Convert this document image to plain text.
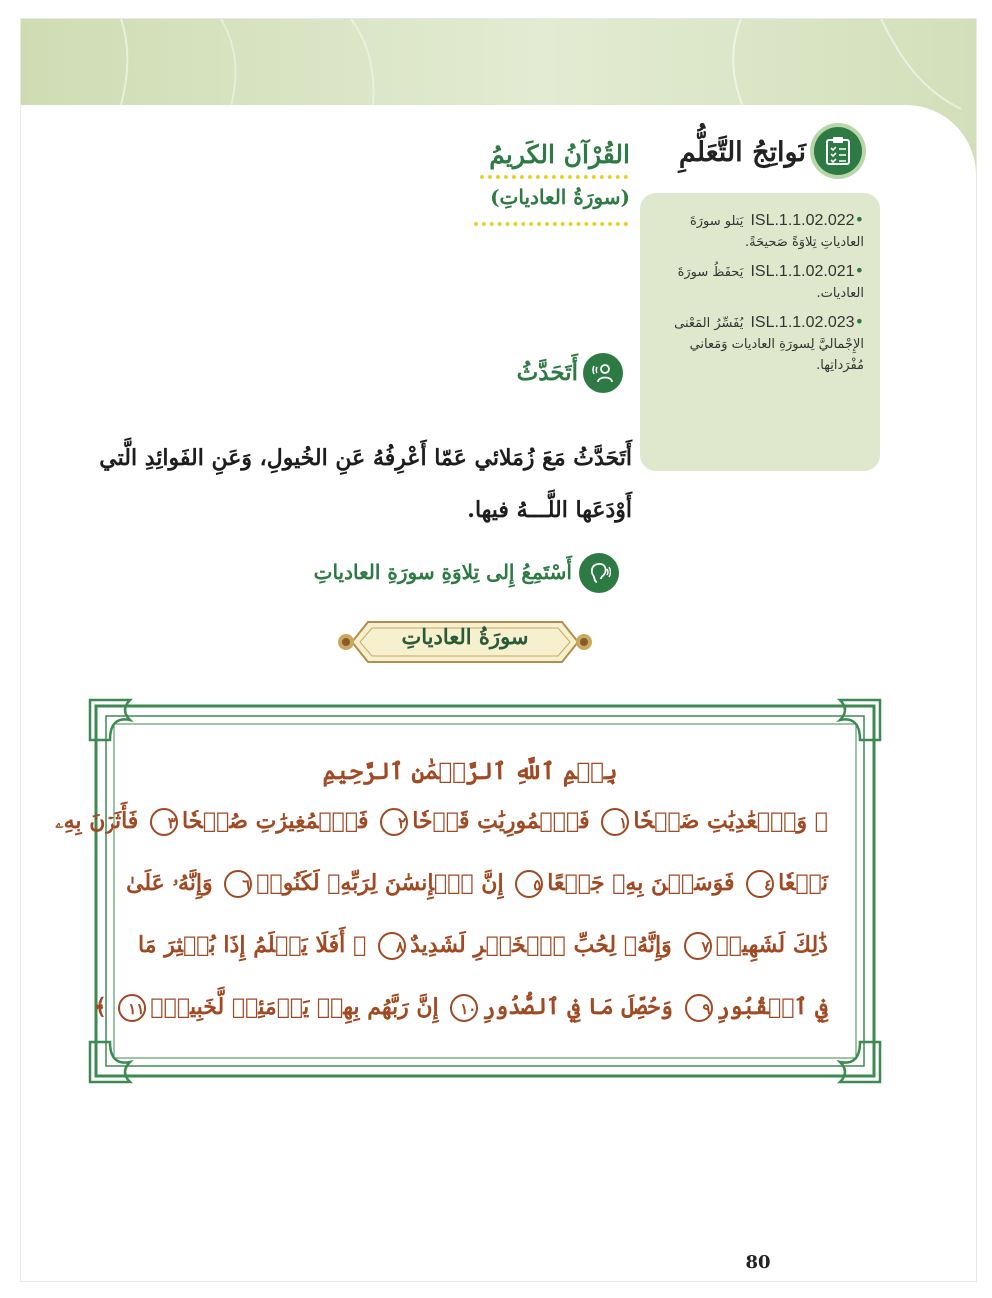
نَواتِجُ التَّعَلُّمِ
•ISL.1.1.02.022 يَتلو سورَةَ العادياتِ تِلاوَةً صَحيحَةً.
•ISL.1.1.02.021 يَحفَظُ سورَةَ العاديات.
•ISL.1.1.02.023 يُفَسِّرُ المَعْنى الإِجْماليَّ لِسورَةِ العاديات وَمَعاني مُفْرَداتِها.
القُرْآنُ الكَريمُ
(سورَةُ العادياتِ)
أَتَحَدَّثُ
أَتَحَدَّثُ مَعَ زُمَلائي عَمّا أَعْرِفُهُ عَنِ الخُيولِ، وَعَنِ الفَوائِدِ الَّتي أَوْدَعَها اللَّـــهُ فيها.
أَسْتَمِعُ إِلى تِلاوَةِ سورَةِ العادياتِ
سورَةُ العادياتِ
بِسۡمِ ٱللَّهِ ٱلرَّحۡمَٰنِ ٱلرَّحِيمِ
﴿ وَٱلۡعَٰدِيَٰتِ ضَبۡحٗا١ فَٱلۡمُورِيَٰتِ قَدۡحٗا٢ فَٱلۡمُغِيرَٰتِ صُبۡحٗا٣ فَأَثَرۡنَ بِهِۦ
نَقۡعٗا٤ فَوَسَطۡنَ بِهِۦ جَمۡعًا٥ إِنَّ ٱلۡإِنسَٰنَ لِرَبِّهِۦ لَكَنُودٞ٦ وَإِنَّهُۥ عَلَىٰ
ذَٰلِكَ لَشَهِيدٞ٧ وَإِنَّهُۥ لِحُبِّ ٱلۡخَيۡرِ لَشَدِيدٌ٨ ۞ أَفَلَا يَعۡلَمُ إِذَا بُعۡثِرَ مَا
فِي ٱلۡقُبُورِ٩ وَحُصِّلَ مَا فِي ٱلصُّدُورِ١٠ إِنَّ رَبَّهُم بِهِمۡ يَوۡمَئِذٖ لَّخَبِيرُۢ١١ ﴾
80
